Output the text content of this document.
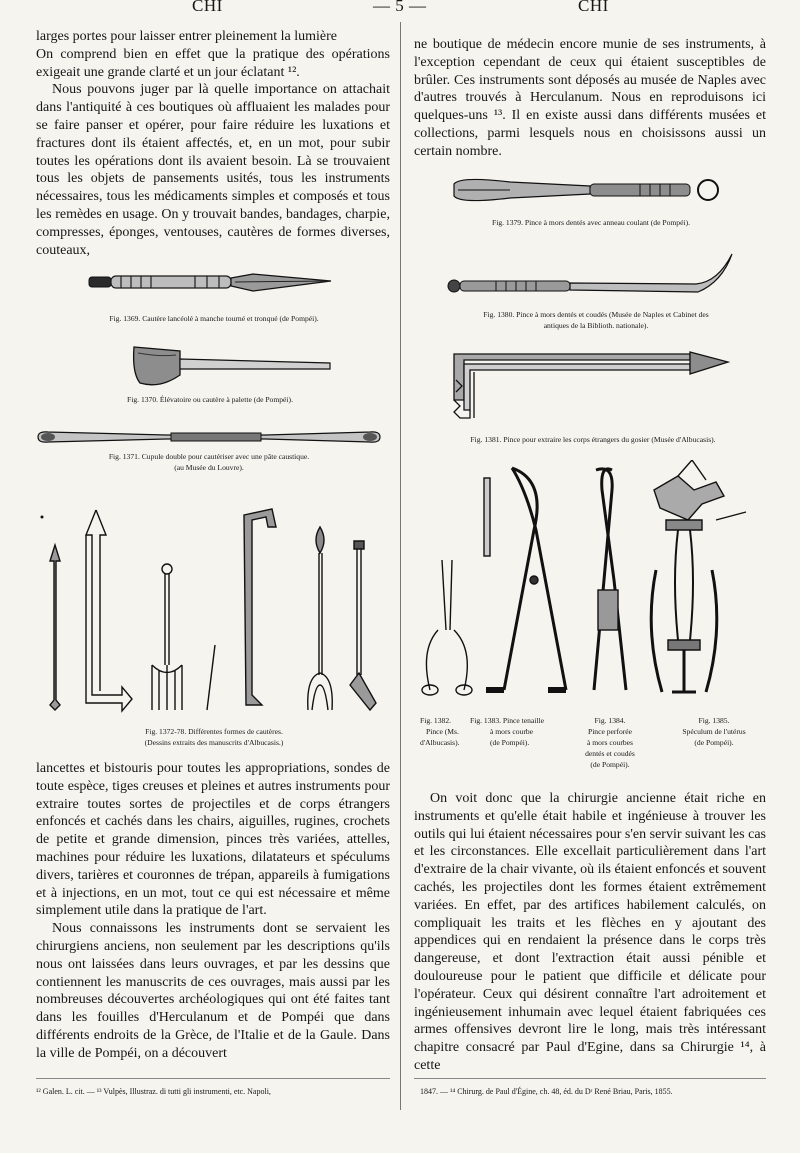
CHI	— 5 —	CHI

larges portes pour laisser entrer pleinement la lumière

On comprend bien en effet que la pratique des opérations exigeait une grande clarté et un jour éclatant ¹².

Nous pouvons juger par là quelle importance on attachait dans l'antiquité à ces boutiques où affluaient les malades pour se faire panser et opérer, pour faire réduire les luxations et fractures dont ils étaient affectés, et, en un mot, pour subir toutes les opérations dont ils avaient besoin. Là se trouvaient tous les objets de pansements usités, tous les instruments nécessaires, tous les médicaments simples et composés et tous les remèdes en usage. On y trouvait bandes, bandages, charpie, compresses, éponges, ventouses, cautères de formes diverses, couteaux,

Fig. 1369. Cautère lancéolé à manche tourné et tronqué (de Pompéi).
Fig. 1370. Élévatoire ou cautère à palette (de Pompéi).
Fig. 1371. Cupule double pour cautériser avec une pâte caustique.
(au Musée du Louvre).
Fig. 1372-78. Différentes formes de cautères.
(Dessins extraits des manuscrits d'Albucasis.)

lancettes et bistouris pour toutes les appropriations, sondes de toute espèce, tiges creuses et pleines et autres instruments pour extraire toutes sortes de projectiles et de corps étrangers enfoncés et cachés dans les chairs, aiguilles, rugines, crochets de petite et grande dimension, pinces très variées, attelles, machines pour réduire les luxations, dilatateurs et spéculums divers, tarières et couronnes de trépan, appareils à fumigations et à injections, en un mot, tout ce qui est nécessaire et même simplement utile dans la pratique de l'art.

Nous connaissons les instruments dont se servaient les chirurgiens anciens, non seulement par les descriptions qu'ils nous ont laissées dans leurs ouvrages, et par les dessins que contiennent les manuscrits de ces ouvrages, mais aussi par les nombreuses découvertes archéologiques qui ont été faites tant dans les fouilles d'Herculanum et de Pompéi que dans différents endroits de la Grèce, de l'Italie et de la Gaule. Dans la ville de Pompéi, on a découvert

ne boutique de médecin encore munie de ses instruments, à l'exception cependant de ceux qui étaient susceptibles de brûler. Ces instruments sont déposés au musée de Naples avec d'autres trouvés à Herculanum. Nous en reproduisons ici quelques-uns ¹³. Il en existe aussi dans différents musées et collections, parmi lesquels nous en choisissons aussi un certain nombre.

Fig. 1379. Pince à mors dentés avec anneau coulant (de Pompéi).
Fig. 1380. Pince à mors dentés et coudés (Musée de Naples et Cabinet des
antiques de la Biblioth. nationale).
Fig. 1381. Pince pour extraire les corps étrangers du gosier (Musée d'Albucasis).
Fig. 1382.
Pince (Ms.
d'Albucasis).
Fig. 1383. Pince tenaille
à mors courbe
(de Pompéi).
Fig. 1384.
Pince perforée
à mors courbes
dentés et coudés
(de Pompéi).
Fig. 1385.
Spéculum de l'utérus
(de Pompéi).

On voit donc que la chirurgie ancienne était riche en instruments et qu'elle était habile et ingénieuse à trouver les outils qui lui étaient nécessaires pour s'en servir suivant les cas et les circonstances. Elle excellait particulièrement dans l'art d'extraire de la chair vivante, où ils étaient enfoncés et souvent cachés, les projectiles dont les formes étaient extrêmement variées. En effet, par des artifices habilement calculés, on compliquait les traits et les flèches en y ajoutant des appendices qui en rendaient la présence dans le corps très dangereuse, et dont l'extraction était aussi pénible et douloureuse pour le patient que difficile et délicate pour l'opérateur. Ceux qui désirent connaître l'art adroitement et ingénieusement inhumain avec lequel étaient fabriquées ces armes offensives devront lire le long, mais très intéressant chapitre consacré par Paul d'Egine, dans sa Chirurgie ¹⁴, à cette

¹² Galen. L. cit. — ¹³ Vulpès, Illustraz. di tutti gli instrumenti, etc. Napoli,	1847. — ¹⁴ Chirurg. de Paul d'Égine, ch. 48, éd. du Dʳ René Briau, Paris, 1855.
